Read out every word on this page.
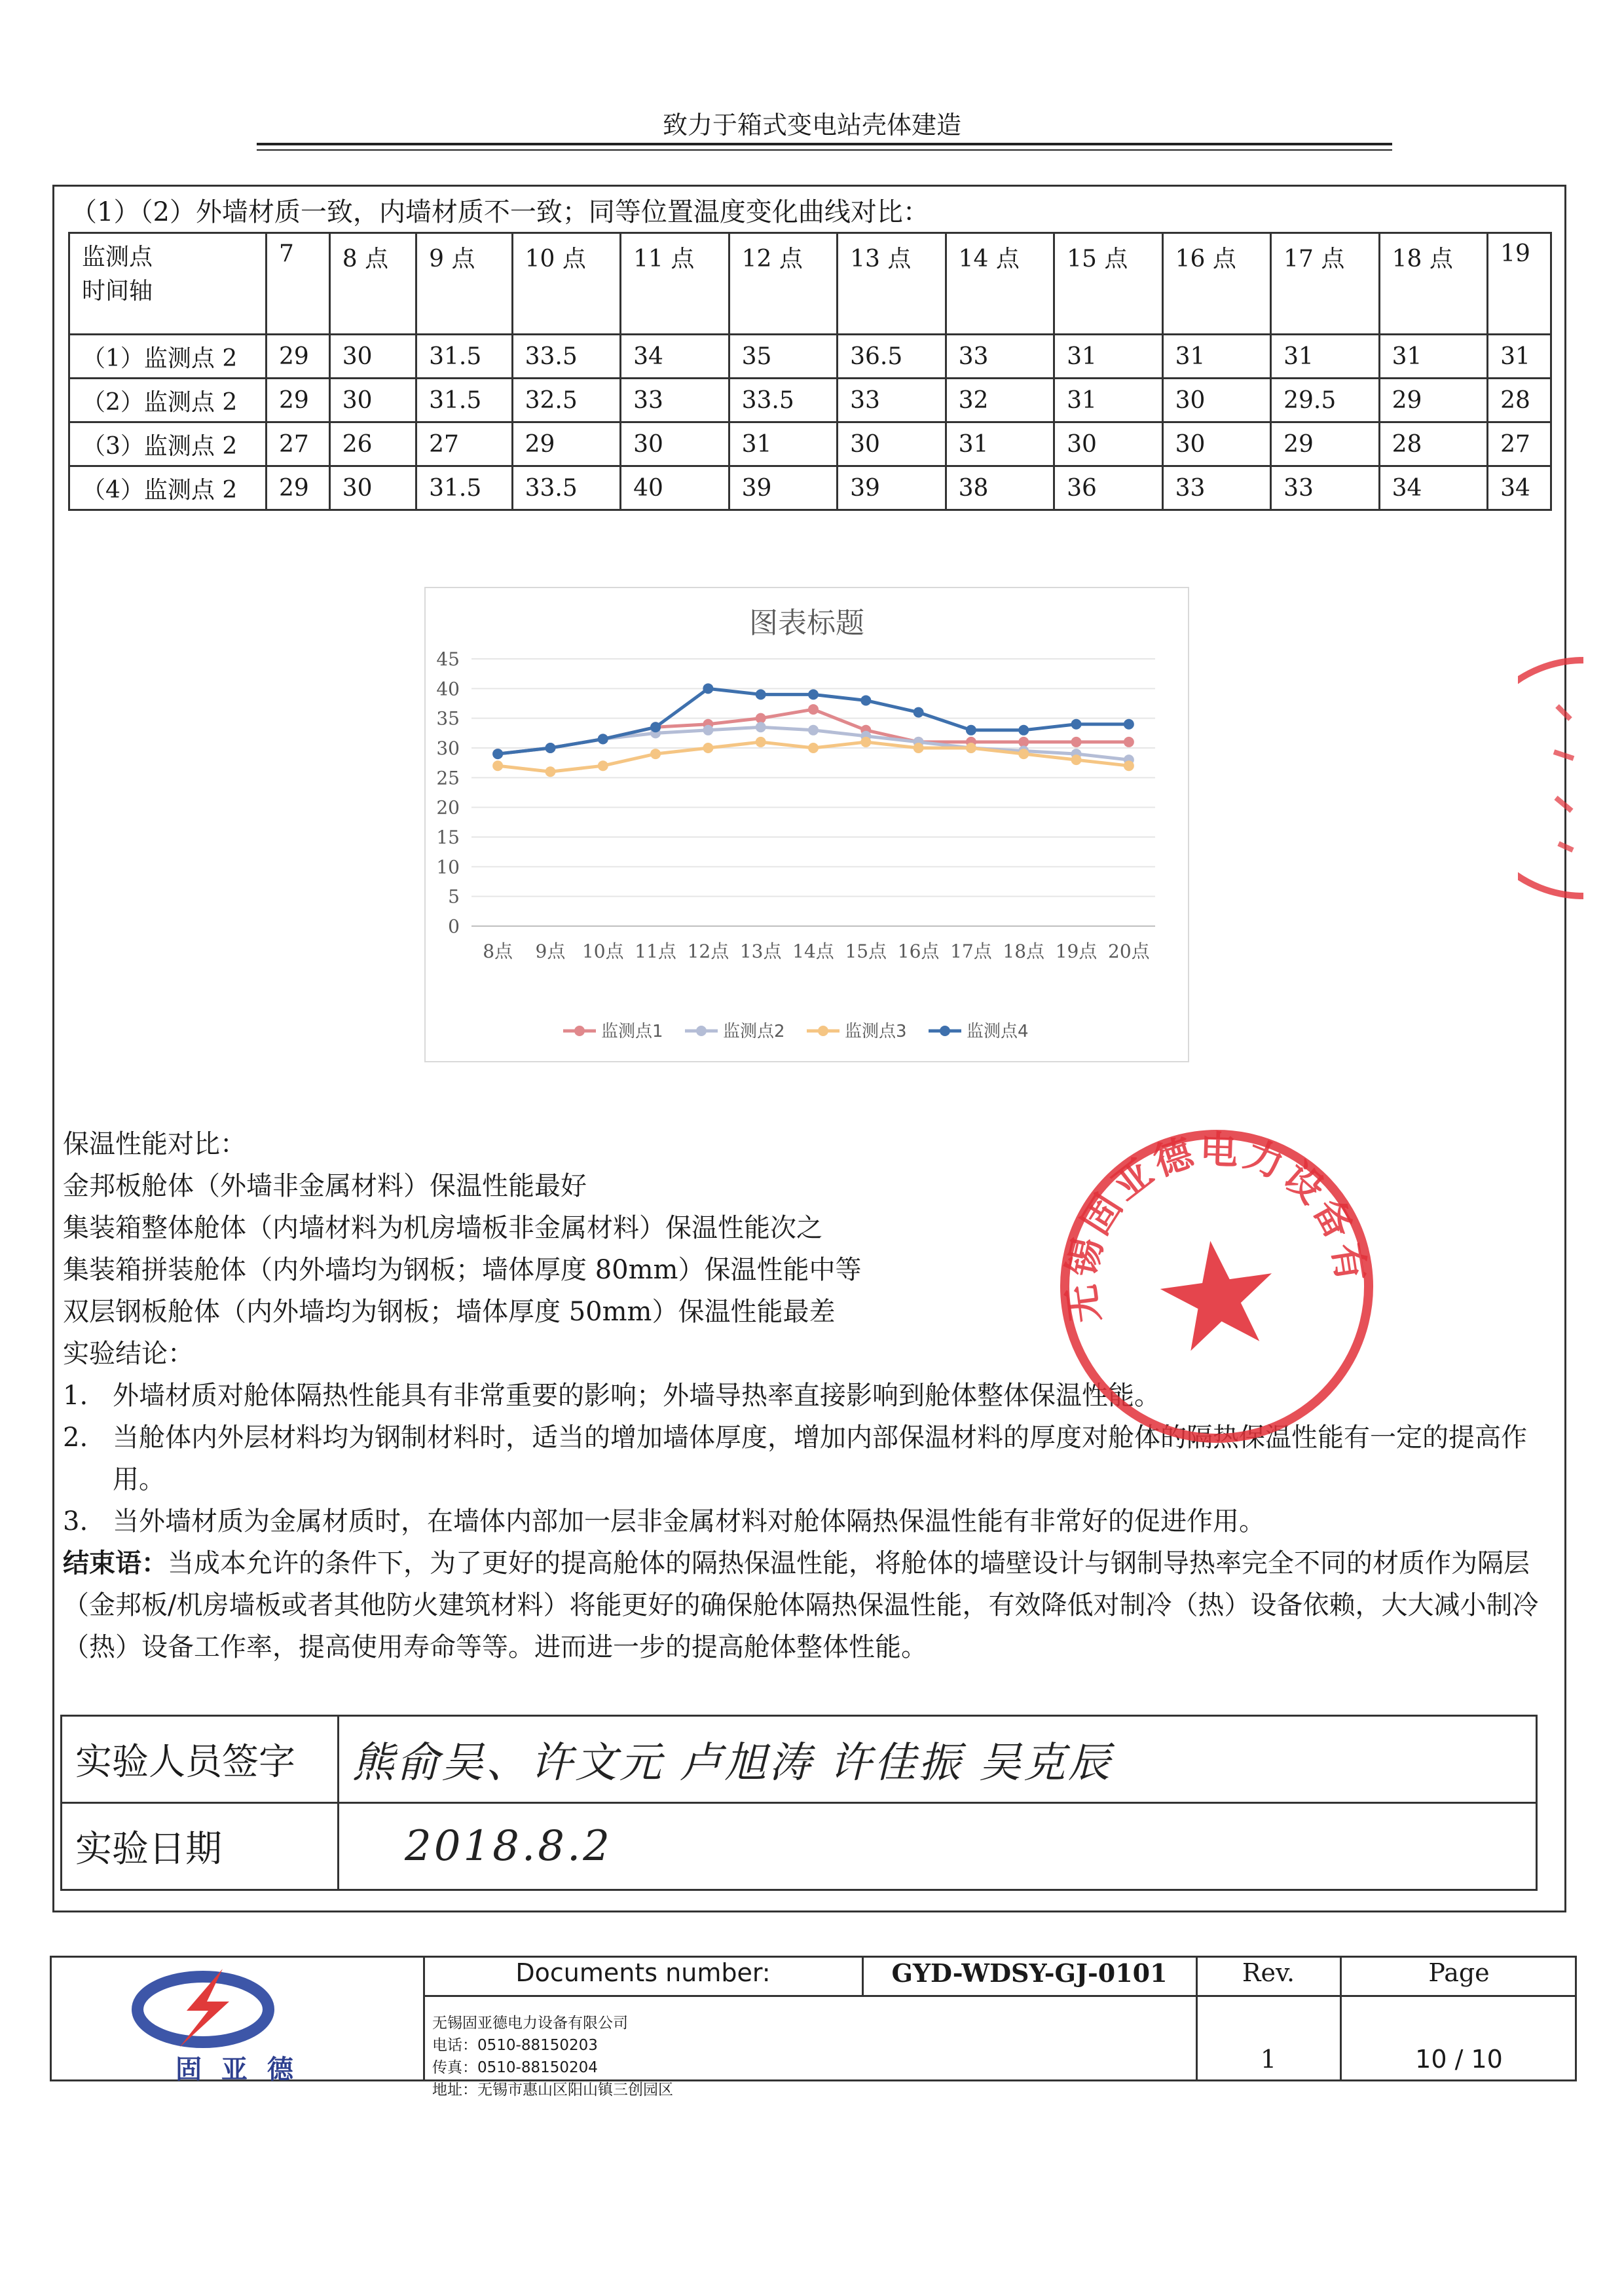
致力于箱式变电站壳体建造
（1）（2）外墙材质一致，内墙材质不一致；同等位置温度变化曲线对比：
监测点
时间轴	7	8 点	9 点	10 点	11 点	12 点	13 点	14 点	15 点	16 点	17 点	18 点	19
（1）监测点 2	29	30	31.5	33.5	34	35	36.5	33	31	31	31	31	31
（2）监测点 2	29	30	31.5	32.5	33	33.5	33	32	31	30	29.5	29	28
（3）监测点 2	27	26	27	29	30	31	30	31	30	30	29	28	27
（4）监测点 2	29	30	31.5	33.5	40	39	39	38	36	33	33	34	34
图表标题
0
5
10
15
20
25
30
35
40
45
8点 9点 10点 11点 12点 13点 14点 15点 16点 17点 18点 19点 20点
监测点1	监测点2	监测点3	监测点4

保温性能对比：

金邦板舱体（外墙非金属材料）保温性能最好

集装箱整体舱体（内墙材料为机房墙板非金属材料）保温性能次之

集装箱拼装舱体（内外墙均为钢板；墙体厚度 80mm）保温性能中等

双层钢板舱体（内外墙均为钢板；墙体厚度 50mm）保温性能最差

实验结论：

1. 外墙材质对舱体隔热性能具有非常重要的影响；外墙导热率直接影响到舱体整体保温性能。

2. 当舱体内外层材料均为钢制材料时，适当的增加墙体厚度，增加内部保温材料的厚度对舱体的隔热保温性能有一定的提高作用。

3. 当外墙材质为金属材质时，在墙体内部加一层非金属材料对舱体隔热保温性能有非常好的促进作用。

结束语：当成本允许的条件下，为了更好的提高舱体的隔热保温性能，将舱体的墙壁设计与钢制导热率完全不同的材质作为隔层（金邦板/机房墙板或者其他防火建筑材料）将能更好的确保舱体隔热保温性能，有效降低对制冷（热）设备依赖，大大减小制冷（热）设备工作率，提高使用寿命等等。进而进一步的提高舱体整体性能。

无锡固亚德电力设备有限公司
实验人员签字	熊俞吴、许文元 卢旭涛 许佳振 吴克辰
实验日期	2018.8.2
固 亚 德
Documents number:	GYD-WDSY-GJ-0101	Rev.	Page
无锡固亚德电力设备有限公司
电话：0510-88150203
传真：0510-88150204
地址：无锡市惠山区阳山镇三创园区
1	10 / 10
